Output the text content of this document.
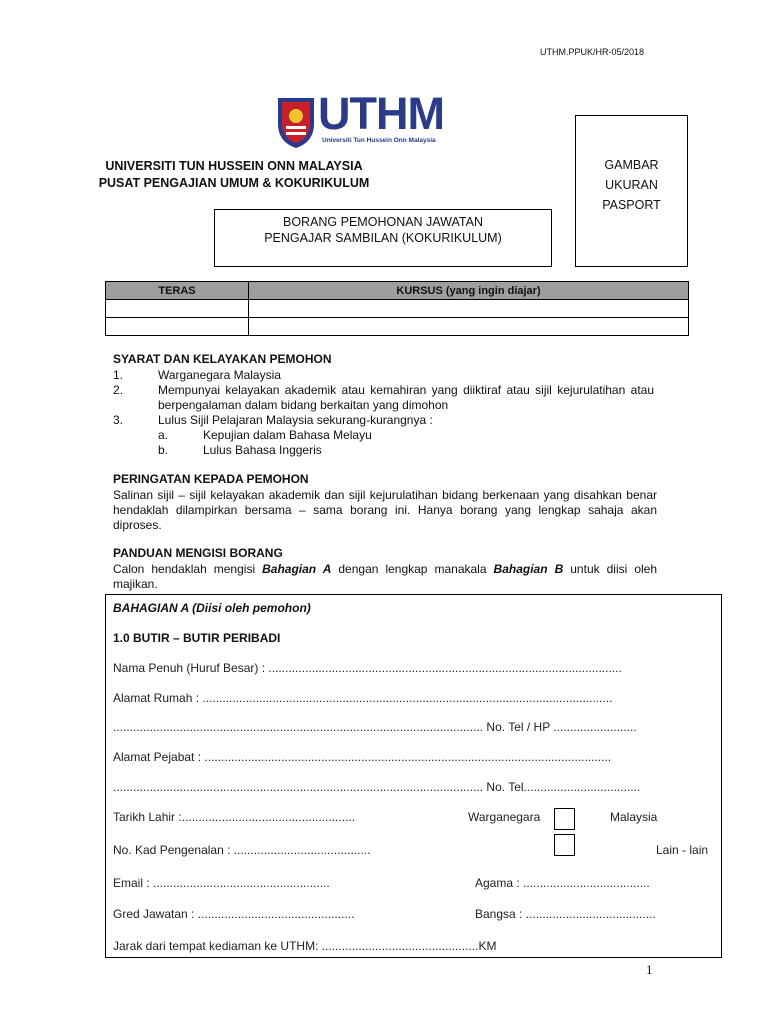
UTHM.PPUK/HR-05/2018
UTHM
Universiti Tun Hussein Onn Malaysia
UNIVERSITI TUN HUSSEIN ONN MALAYSIA
PUSAT PENGAJIAN UMUM & KOKURIKULUM
GAMBAR
UKURAN
PASPORT
BORANG PEMOHONAN JAWATAN
PENGAJAR SAMBILAN (KOKURIKULUM)
TERAS	KURSUS (yang ingin diajar)

SYARAT DAN KELAYAKAN PEMOHON
1.	Warganegara Malaysia
2.	Mempunyai kelayakan akademik atau kemahiran yang diiktiraf atau sijil kejurulatihan atau berpengalaman dalam bidang berkaitan yang dimohon
3.	Lulus Sijil Pelajaran Malaysia sekurang-kurangnya :
a.	Kepujian dalam Bahasa Melayu
b.	Lulus Bahasa Inggeris
PERINGATAN KEPADA PEMOHON
Salinan sijil – sijil kelayakan akademik dan sijil kejurulatihan bidang berkenaan yang disahkan benar hendaklah dilampirkan bersama – sama borang ini. Hanya borang yang lengkap sahaja akan diproses.
PANDUAN MENGISI BORANG
Calon hendaklah mengisi Bahagian A dengan lengkap manakala Bahagian B untuk diisi oleh majikan.
BAHAGIAN A (Diisi oleh pemohon)
1.0 BUTIR – BUTIR PERIBADI
Nama Penuh (Huruf Besar) : ..........................................................................................................
Alamat Rumah : ...........................................................................................................................
............................................................................................................... No. Tel / HP .........................
Alamat Pejabat : ..........................................................................................................................
............................................................................................................... No. Tel...................................
Tarikh Lahir :....................................................	Warganegara	Malaysia
No. Kad Pengenalan : .........................................	Lain - lain
Email : .....................................................	Agama : ......................................
Gred Jawatan : ...............................................	Bangsa : .......................................
Jarak dari tempat kediaman ke UTHM: ...............................................KM
1
